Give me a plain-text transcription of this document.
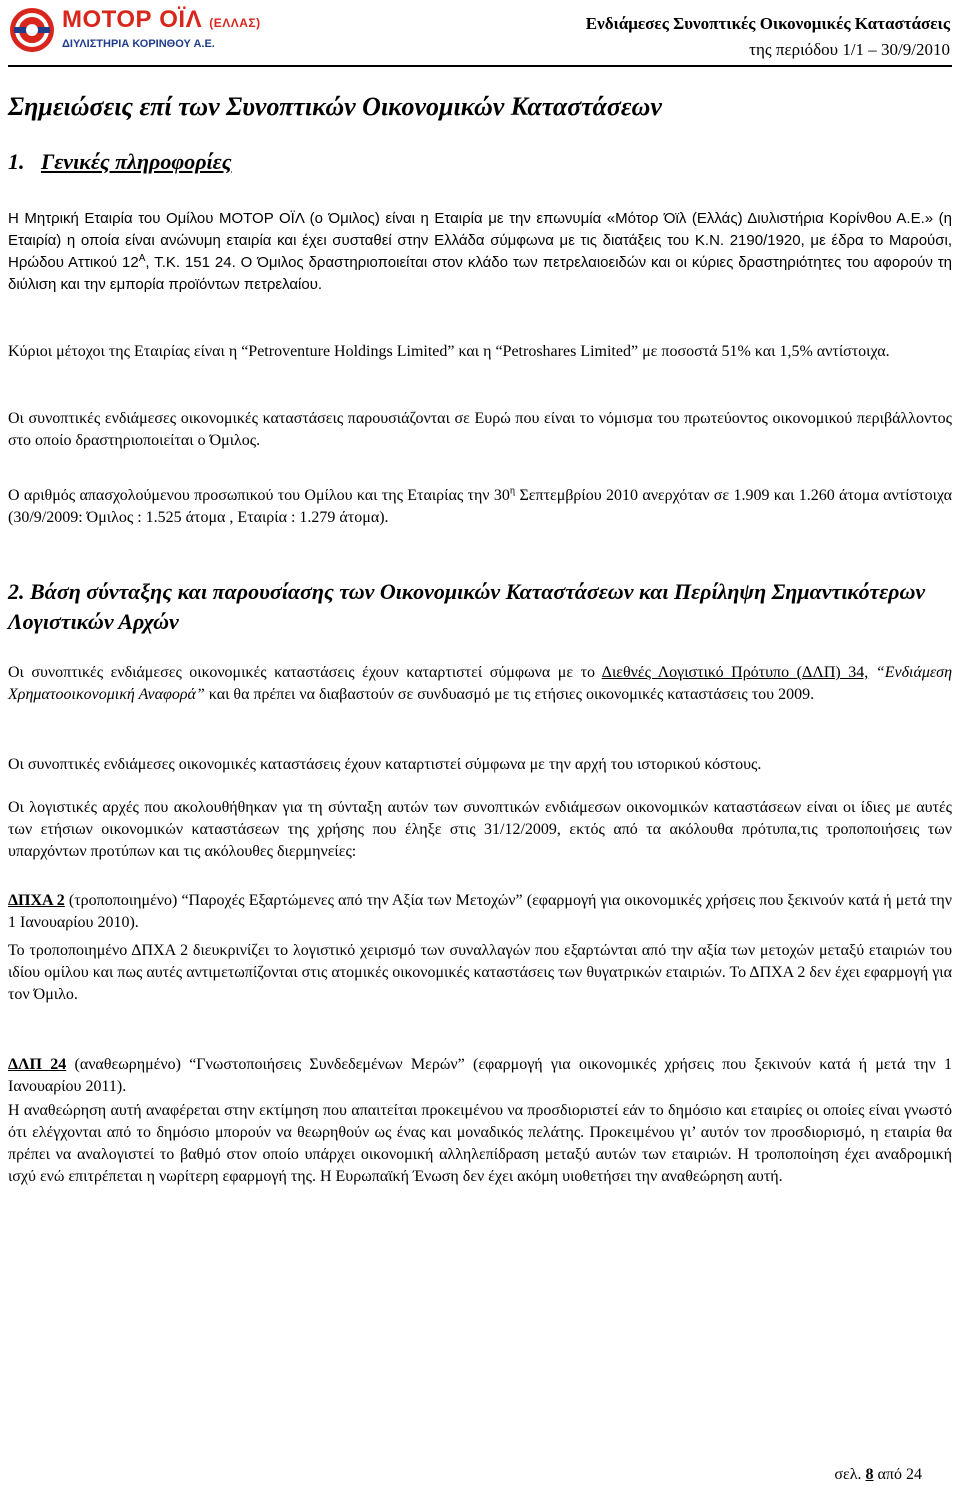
ΜΟΤΟΡ ΟΪΛ (ΕΛΛΑΣ)
ΔΙΥΛΙΣΤΗΡΙΑ ΚΟΡΙΝΘΟΥ Α.Ε.
Ενδιάμεσες Συνοπτικές Οικονομικές Καταστάσεις
της περιόδου 1/1 – 30/9/2010
Σημειώσεις επί των Συνοπτικών Οικονομικών Καταστάσεων
1. Γενικές πληροφορίες
Η Μητρική Εταιρία του Ομίλου ΜΟΤΟΡ ΟΪΛ (ο Όμιλος) είναι η Εταιρία με την επωνυμία «Μότορ Όϊλ (Ελλάς) Διυλιστήρια Κορίνθου Α.Ε.» (η Εταιρία) η οποία είναι ανώνυμη εταιρία και έχει συσταθεί στην Ελλάδα σύμφωνα με τις διατάξεις του Κ.Ν. 2190/1920, με έδρα το Μαρούσι, Ηρώδου Αττικού $12^A$, Τ.Κ. 151 24. Ο Όμιλος δραστηριοποιείται στον κλάδο των πετρελαιοειδών και οι κύριες δραστηριότητες του αφορούν τη διύλιση και την εμπορία προϊόντων πετρελαίου.
Κύριοι μέτοχοι της Εταιρίας είναι η “Petroventure Holdings Limited” και η “Petroshares Limited” με ποσοστά 51% και 1,5% αντίστοιχα.
Οι συνοπτικές ενδιάμεσες οικονομικές καταστάσεις παρουσιάζονται σε Ευρώ που είναι το νόμισμα του πρωτεύοντος οικονομικού περιβάλλοντος στο οποίο δραστηριοποιείται ο Όμιλος.
Ο αριθμός απασχολούμενου προσωπικού του Ομίλου και της Εταιρίας την $30^\eta$ Σεπτεμβρίου 2010 ανερχόταν σε 1.909 και 1.260 άτομα αντίστοιχα (30/9/2009: Όμιλος : 1.525 άτομα , Εταιρία : 1.279 άτομα).
2. Βάση σύνταξης και παρουσίασης των Οικονομικών Καταστάσεων και Περίληψη Σημαντικότερων Λογιστικών Αρχών
Οι συνοπτικές ενδιάμεσες οικονομικές καταστάσεις έχουν καταρτιστεί σύμφωνα με το Διεθνές Λογιστικό Πρότυπο (ΔΛΠ) 34, “Ενδιάμεση Χρηματοοικονομική Αναφορά” και θα πρέπει να διαβαστούν σε συνδυασμό με τις ετήσιες οικονομικές καταστάσεις του 2009.
Οι συνοπτικές ενδιάμεσες οικονομικές καταστάσεις έχουν καταρτιστεί σύμφωνα με την αρχή του ιστορικού κόστους.
Οι λογιστικές αρχές που ακολουθήθηκαν για τη σύνταξη αυτών των συνοπτικών ενδιάμεσων οικονομικών καταστάσεων είναι οι ίδιες με αυτές των ετήσιων οικονομικών καταστάσεων της χρήσης που έληξε στις 31/12/2009, εκτός από τα ακόλουθα πρότυπα,τις τροποποιήσεις των υπαρχόντων προτύπων και τις ακόλουθες διερμηνείες:
ΔΠΧΑ 2 (τροποποιημένο) “Παροχές Εξαρτώμενες από την Αξία των Μετοχών” (εφαρμογή για οικονομικές χρήσεις που ξεκινούν κατά ή μετά την 1 Ιανουαρίου 2010).
Το τροποποιημένο ΔΠΧΑ 2 διευκρινίζει το λογιστικό χειρισμό των συναλλαγών που εξαρτώνται από την αξία των μετοχών μεταξύ εταιριών του ιδίου ομίλου και πως αυτές αντιμετωπίζονται στις ατομικές οικονομικές καταστάσεις των θυγατρικών εταιριών. Το ΔΠΧΑ 2 δεν έχει εφαρμογή για τον Όμιλο.
ΔΛΠ 24 (αναθεωρημένο) “Γνωστοποιήσεις Συνδεδεμένων Μερών” (εφαρμογή για οικονομικές χρήσεις που ξεκινούν κατά ή μετά την 1 Ιανουαρίου 2011).
Η αναθεώρηση αυτή αναφέρεται στην εκτίμηση που απαιτείται προκειμένου να προσδιοριστεί εάν το δημόσιο και εταιρίες οι οποίες είναι γνωστό ότι ελέγχονται από το δημόσιο μπορούν να θεωρηθούν ως ένας και μοναδικός πελάτης. Προκειμένου γι’ αυτόν τον προσδιορισμό, η εταιρία θα πρέπει να αναλογιστεί το βαθμό στον οποίο υπάρχει οικονομική αλληλεπίδραση μεταξύ αυτών των εταιριών. Η τροποποίηση έχει αναδρομική ισχύ ενώ επιτρέπεται η νωρίτερη εφαρμογή της. Η Ευρωπαϊκή Ένωση δεν έχει ακόμη υιοθετήσει την αναθεώρηση αυτή.
σελ. 8 από 24
